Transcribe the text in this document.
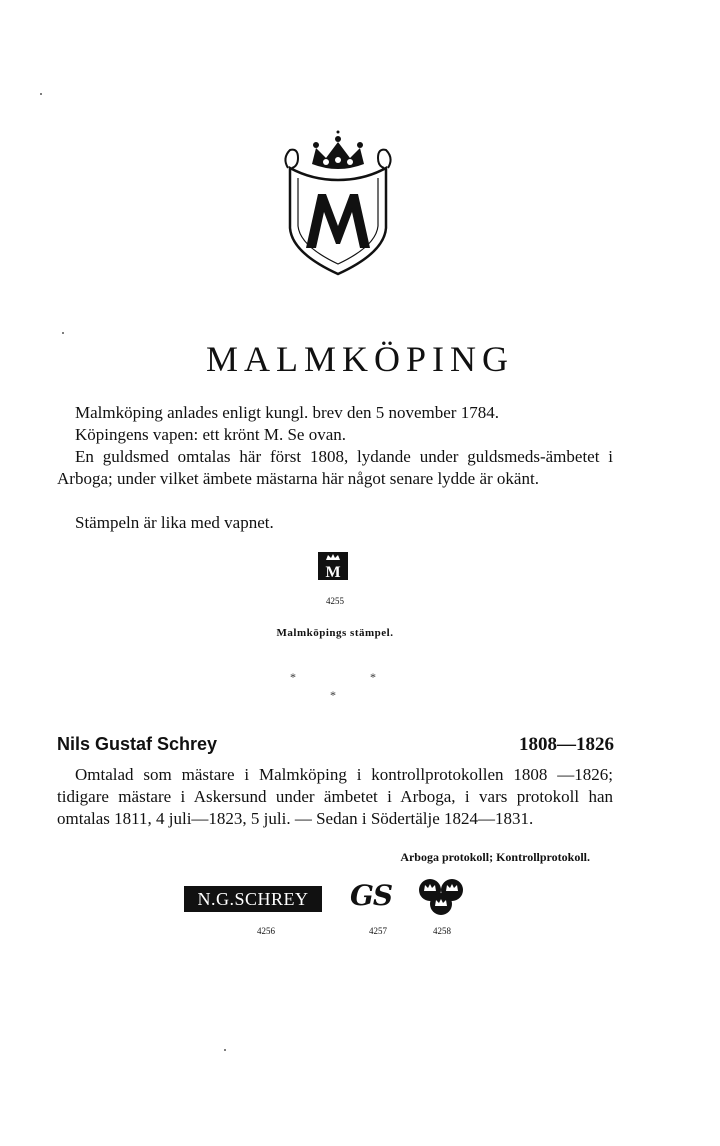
M
MALMKÖPING

Malmköping anlades enligt kungl. brev den 5 november 1784.

Köpingens vapen: ett krönt M. Se ovan.

En guldsmed omtalas här först 1808, lydande under guldsmeds-ämbetet i Arboga; under vilket ämbete mästarna här något senare lydde är okänt.

Stämpeln är lika med vapnet.

M
4255
Malmköpings stämpel.
*	*
*
Nils Gustaf Schrey	1808—1826

Omtalad som mästare i Malmköping i kontrollprotokollen 1808 —1826; tidigare mästare i Askersund under ämbetet i Arboga, i vars protokoll han omtalas 1811, 4 juli—1823, 5 juli. — Sedan i Södertälje 1824—1831.

Arboga protokoll; Kontrollprotokoll.
N.G.SCHREY	GS
4256	4257	4258
